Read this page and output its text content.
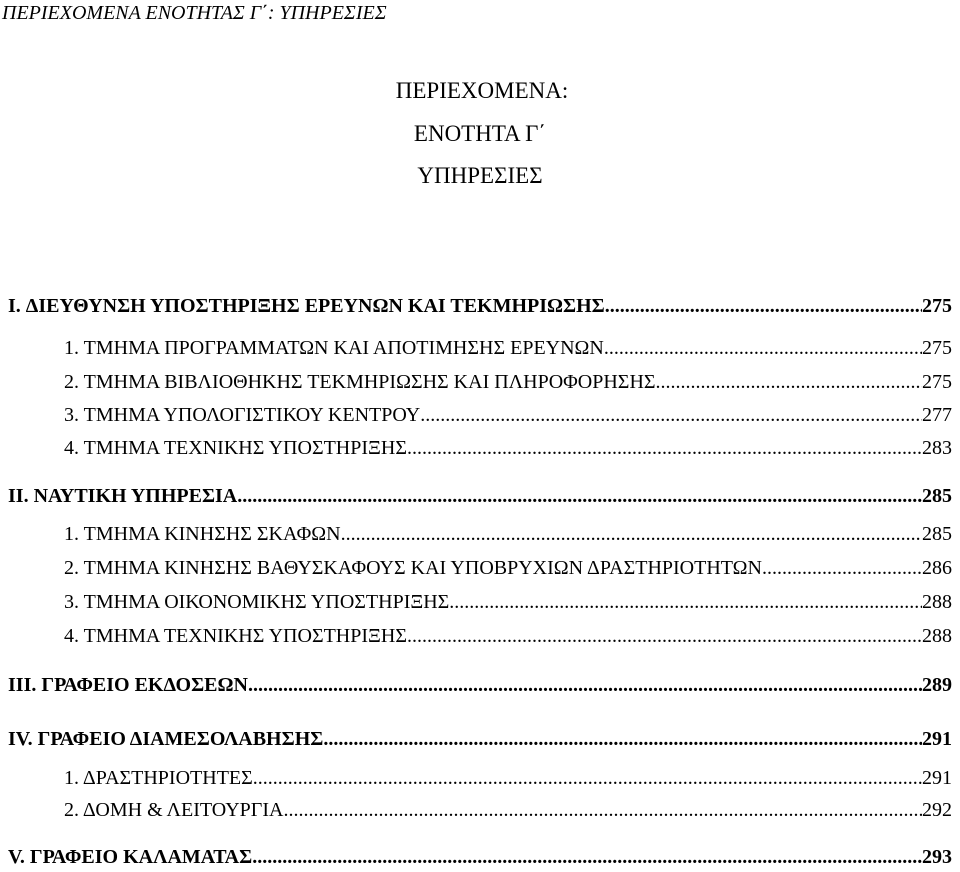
ΠΕΡΙΕΧΟΜΕΝΑ ΕΝΟΤΗΤΑΣ Γ΄: ΥΠΗΡΕΣΙΕΣ
ΠΕΡΙΕΧΟΜΕΝΑ:
ΕΝΟΤΗΤΑ Γ΄
ΥΠΗΡΕΣΙΕΣ
I. ΔΙΕΥΘΥΝΣΗ ΥΠΟΣΤΗΡΙΞΗΣ ΕΡΕΥΝΩΝ ΚΑΙ ΤΕΚΜΗΡΙΩΣΗΣ .....	275
1. ΤΜΗΜΑ ΠΡΟΓΡΑΜΜΑΤΩΝ ΚΑΙ ΑΠΟΤΙΜΗΣΗΣ ΕΡΕΥΝΩΝ .....	275
2. ΤΜΗΜΑ ΒΙΒΛΙΟΘΗΚΗΣ ΤΕΚΜΗΡΙΩΣΗΣ ΚΑΙ ΠΛΗΡΟΦΟΡΗΣΗΣ .....	275
3. ΤΜΗΜΑ ΥΠΟΛΟΓΙΣΤΙΚΟΥ ΚΕΝΤΡΟΥ .....	277
4. ΤΜΗΜΑ ΤΕΧΝΙΚΗΣ ΥΠΟΣΤΗΡΙΞΗΣ .....	283
II. ΝΑΥΤΙΚΗ ΥΠΗΡΕΣΙΑ .....	285
1. ΤΜΗΜΑ ΚΙΝΗΣΗΣ ΣΚΑΦΩΝ .....	285
2. ΤΜΗΜΑ ΚΙΝΗΣΗΣ ΒΑΘΥΣΚΑΦΟΥΣ ΚΑΙ ΥΠΟΒΡΥΧΙΩΝ ΔΡΑΣΤΗΡΙΟΤΗΤΩΝ .....	286
3. ΤΜΗΜΑ ΟΙΚΟΝΟΜΙΚΗΣ ΥΠΟΣΤΗΡΙΞΗΣ .....	288
4. ΤΜΗΜΑ ΤΕΧΝΙΚΗΣ ΥΠΟΣΤΗΡΙΞΗΣ .....	288
III. ΓΡΑΦΕΙΟ ΕΚΔΟΣΕΩΝ .....	289
IV. ΓΡΑΦΕΙΟ ΔΙΑΜΕΣΟΛΑΒΗΣΗΣ .....	291
1. ΔΡΑΣΤΗΡΙΟΤΗΤΕΣ .....	291
2. ΔΟΜΗ & ΛΕΙΤΟΥΡΓΙΑ .....	292
V. ΓΡΑΦΕΙΟ ΚΑΛΑΜΑΤΑΣ .....	293
